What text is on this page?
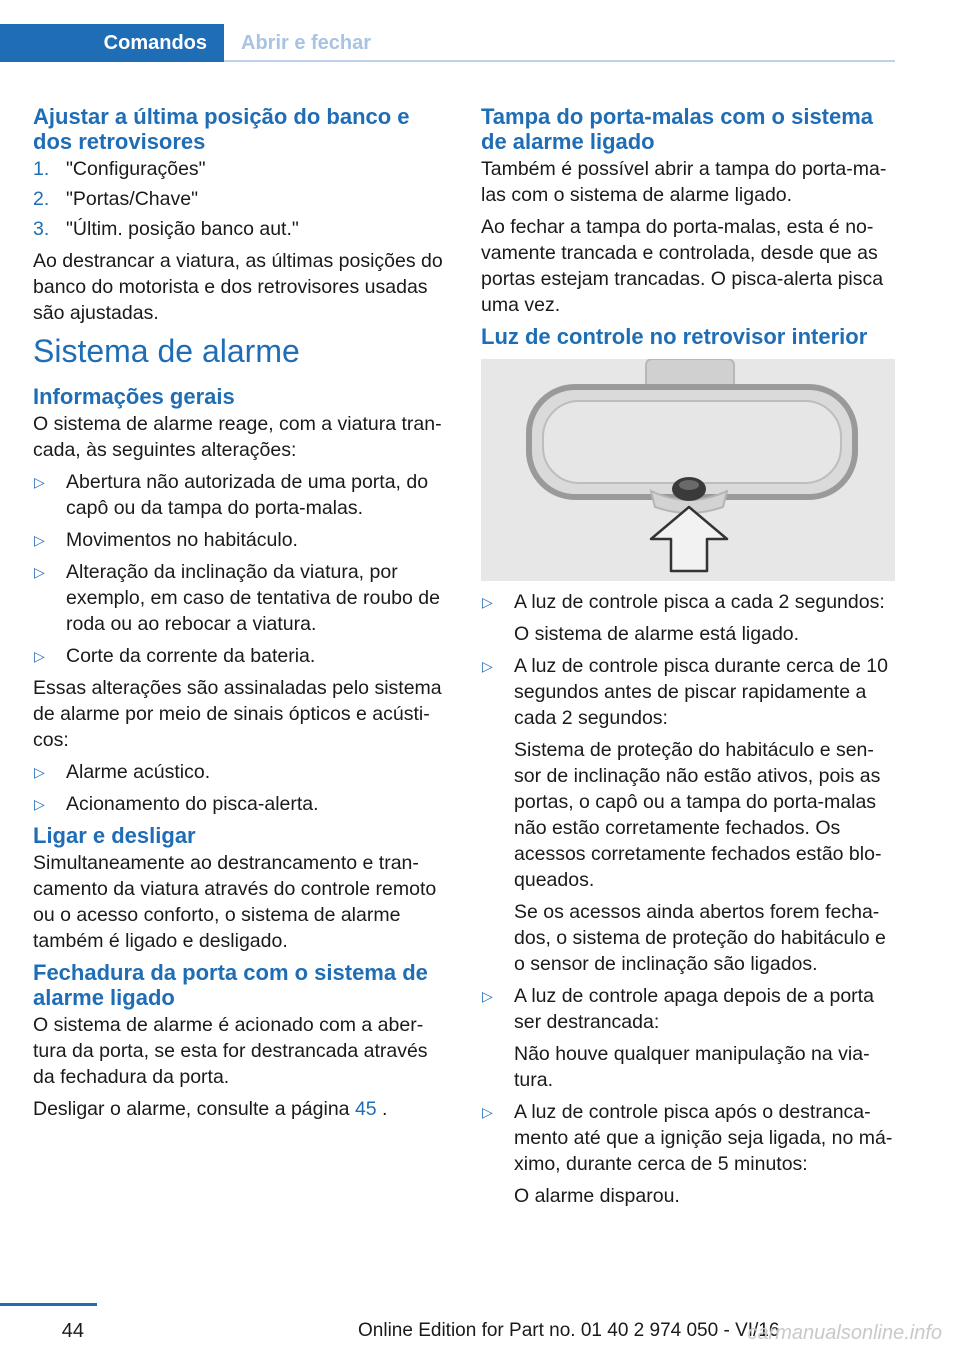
Comandos	Abrir e fechar
Ajustar a última posição do banco e dos retrovisores
1. "Configurações"
2. "Portas/Chave"
3. "Últim. posição banco aut."

Ao destrancar a viatura, as últimas posições do banco do motorista e dos retrovisores usadas são ajustadas.

Sistema de alarme
Informações gerais

O sistema de alarme reage, com a viatura tran‐cada, às seguintes alterações:

▷ Abertura não autorizada de uma porta, do capô ou da tampa do porta-malas.
▷ Movimentos no habitáculo.
▷ Alteração da inclinação da viatura, por exemplo, em caso de tentativa de roubo de roda ou ao rebocar a viatura.
▷ Corte da corrente da bateria.

Essas alterações são assinaladas pelo sistema de alarme por meio de sinais ópticos e acústi‐cos:

▷ Alarme acústico.
▷ Acionamento do pisca-alerta.
Ligar e desligar

Simultaneamente ao destrancamento e tran‐camento da viatura através do controle remoto ou o acesso conforto, o sistema de alarme também é ligado e desligado.

Fechadura da porta com o sistema de alarme ligado

O sistema de alarme é acionado com a aber‐tura da porta, se esta for destrancada através da fechadura da porta.

Desligar o alarme, consulte a página 45 .

Tampa do porta-malas com o sistema de alarme ligado

Também é possível abrir a tampa do porta-ma‐las com o sistema de alarme ligado.

Ao fechar a tampa do porta-malas, esta é no‐vamente trancada e controlada, desde que as portas estejam trancadas. O pisca-alerta pisca uma vez.

Luz de controle no retrovisor interior
▷ A luz de controle pisca a cada 2 segundos:
O sistema de alarme está ligado.
▷ A luz de controle pisca durante cerca de 10 segundos antes de piscar rapidamente a cada 2 segundos:
Sistema de proteção do habitáculo e sen‐sor de inclinação não estão ativos, pois as portas, o capô ou a tampa do porta-malas não estão corretamente fechados. Os acessos corretamente fechados estão blo‐queados.
Se os acessos ainda abertos forem fecha‐dos, o sistema de proteção do habitáculo e o sensor de inclinação são ligados.
▷ A luz de controle apaga depois de a porta ser destrancada:
Não houve qualquer manipulação na via‐tura.
▷ A luz de controle pisca após o destranca‐mento até que a ignição seja ligada, no má‐ximo, durante cerca de 5 minutos:
O alarme disparou.
44	Online Edition for Part no. 01 40 2 974 050 - VI/16
carmanualsonline.info
